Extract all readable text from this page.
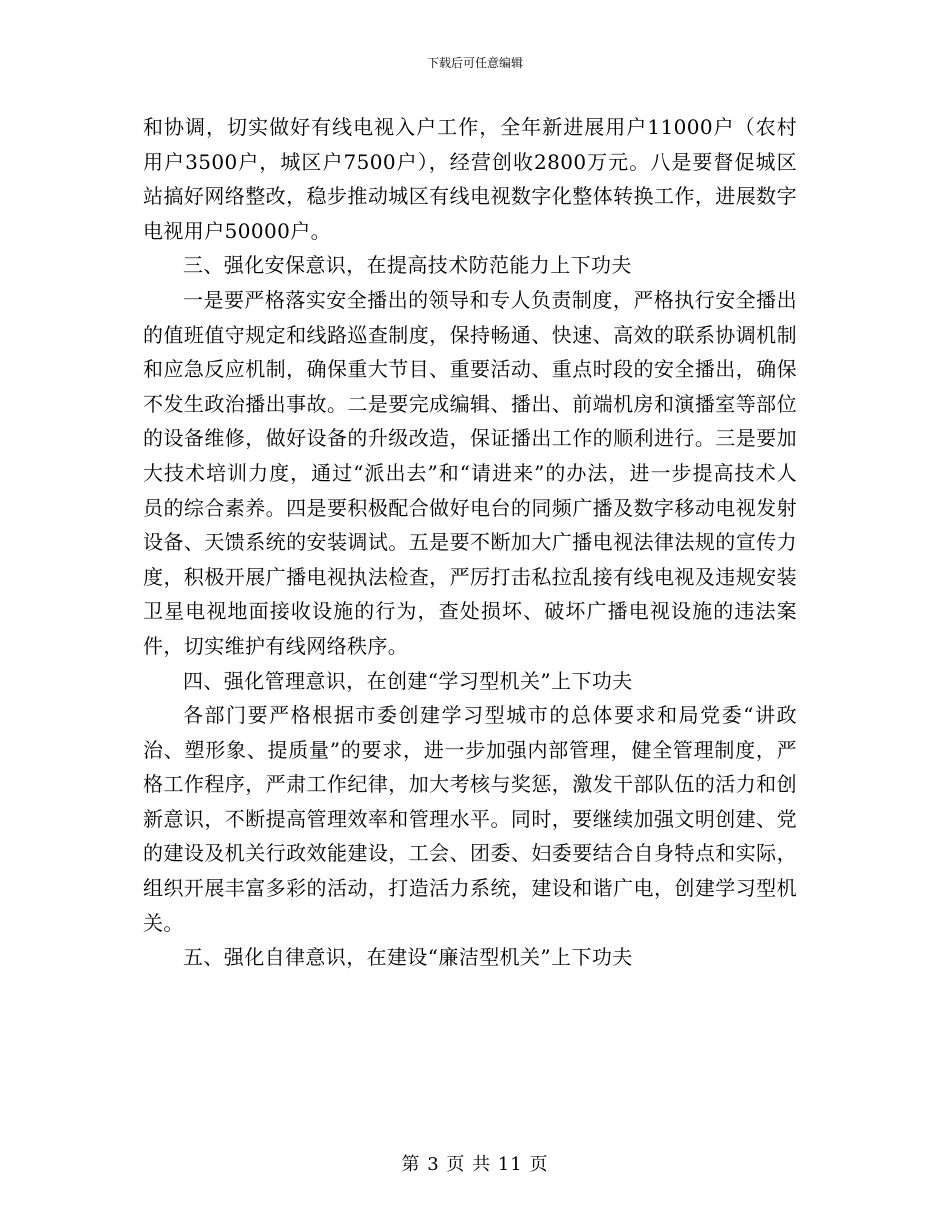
下载后可任意编辑

和协调，切实做好有线电视入户工作，全年新进展用户11000户（农村用户3500户，城区户7500户），经营创收2800万元。八是要督促城区站搞好网络整改，稳步推动城区有线电视数字化整体转换工作，进展数字电视用户50000户。

三、强化安保意识，在提高技术防范能力上下功夫

一是要严格落实安全播出的领导和专人负责制度，严格执行安全播出的值班值守规定和线路巡查制度，保持畅通、快速、高效的联系协调机制和应急反应机制，确保重大节目、重要活动、重点时段的安全播出，确保不发生政治播出事故。二是要完成编辑、播出、前端机房和演播室等部位的设备维修，做好设备的升级改造，保证播出工作的顺利进行。三是要加大技术培训力度，通过“派出去”和“请进来”的办法，进一步提高技术人员的综合素养。四是要积极配合做好电台的同频广播及数字移动电视发射设备、天馈系统的安装调试。五是要不断加大广播电视法律法规的宣传力度，积极开展广播电视执法检查，严厉打击私拉乱接有线电视及违规安装卫星电视地面接收设施的行为，查处损坏、破坏广播电视设施的违法案件，切实维护有线网络秩序。

四、强化管理意识，在创建“学习型机关”上下功夫

各部门要严格根据市委创建学习型城市的总体要求和局党委“讲政治、塑形象、提质量”的要求，进一步加强内部管理，健全管理制度，严格工作程序，严肃工作纪律，加大考核与奖惩，激发干部队伍的活力和创新意识，不断提高管理效率和管理水平。同时，要继续加强文明创建、党的建设及机关行政效能建设，工会、团委、妇委要结合自身特点和实际，组织开展丰富多彩的活动，打造活力系统，建设和谐广电，创建学习型机关。

五、强化自律意识，在建设“廉洁型机关”上下功夫

第 3 页 共 11 页
